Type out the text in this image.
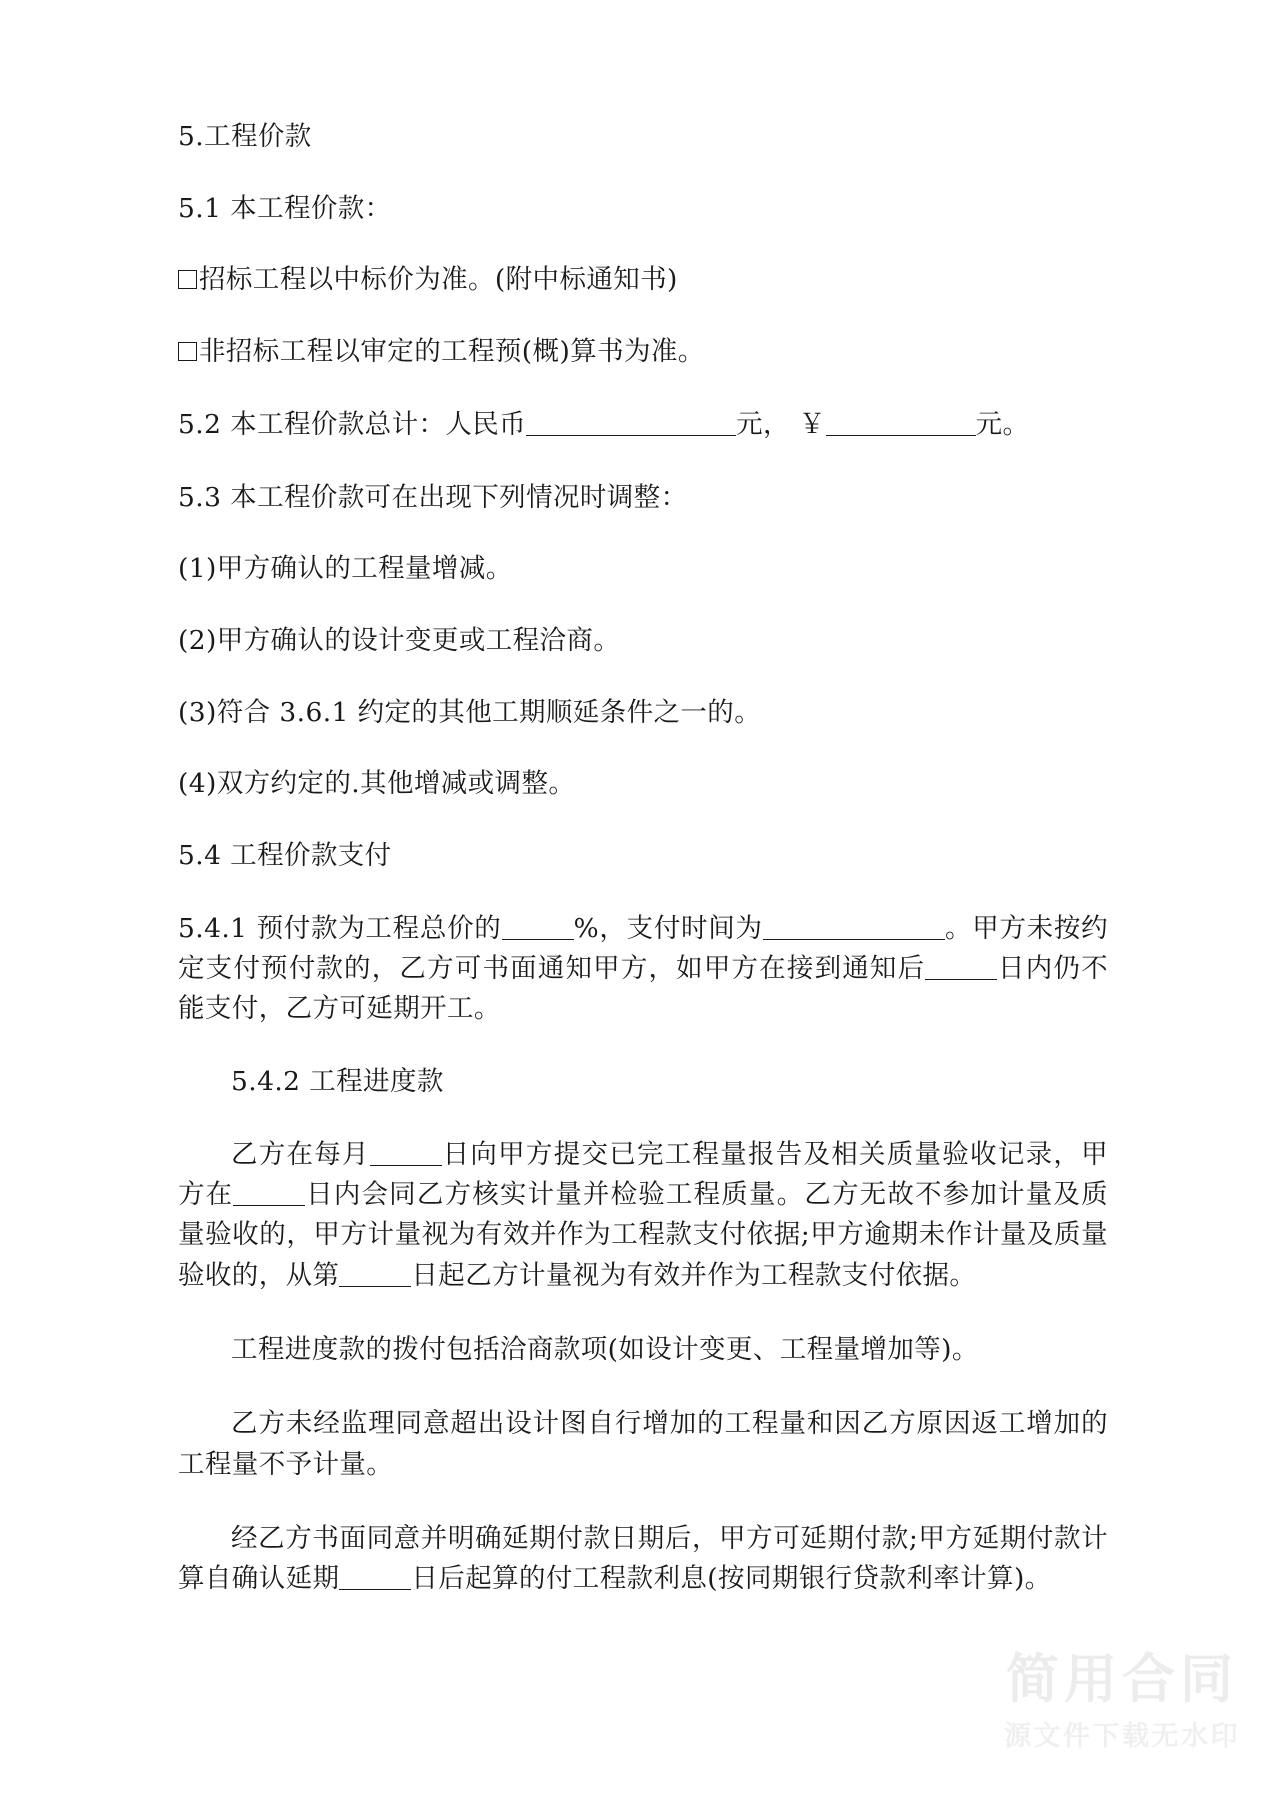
5.工程价款

5.1 本工程价款：

招标工程以中标价为准。(附中标通知书)

非招标工程以审定的工程预(概)算书为准。

5.2 本工程价款总计：人民币	元， ￥	元。

5.3 本工程价款可在出现下列情况时调整：

(1)甲方确认的工程量增减。

(2)甲方确认的设计变更或工程洽商。

(3)符合 3.6.1 约定的其他工期顺延条件之一的。

(4)双方约定的.其他增减或调整。

5.4 工程价款支付

5.4.1 预付款为工程总价的	%，支付时间为	。甲方未按约定支付预付款的，乙方可书面通知甲方，如甲方在接到通知后	日内仍不能支付，乙方可延期开工。

5.4.2 工程进度款

乙方在每月	日向甲方提交已完工程量报告及相关质量验收记录，甲方在	日内会同乙方核实计量并检验工程质量。乙方无故不参加计量及质量验收的，甲方计量视为有效并作为工程款支付依据;甲方逾期未作计量及质量验收的，从第	日起乙方计量视为有效并作为工程款支付依据。

工程进度款的拨付包括洽商款项(如设计变更、工程量增加等)。

乙方未经监理同意超出设计图自行增加的工程量和因乙方原因返工增加的工程量不予计量。

经乙方书面同意并明确延期付款日期后，甲方可延期付款;甲方延期付款计算自确认延期	日后起算的付工程款利息(按同期银行贷款利率计算)。

简用合同
源文件下载无水印
